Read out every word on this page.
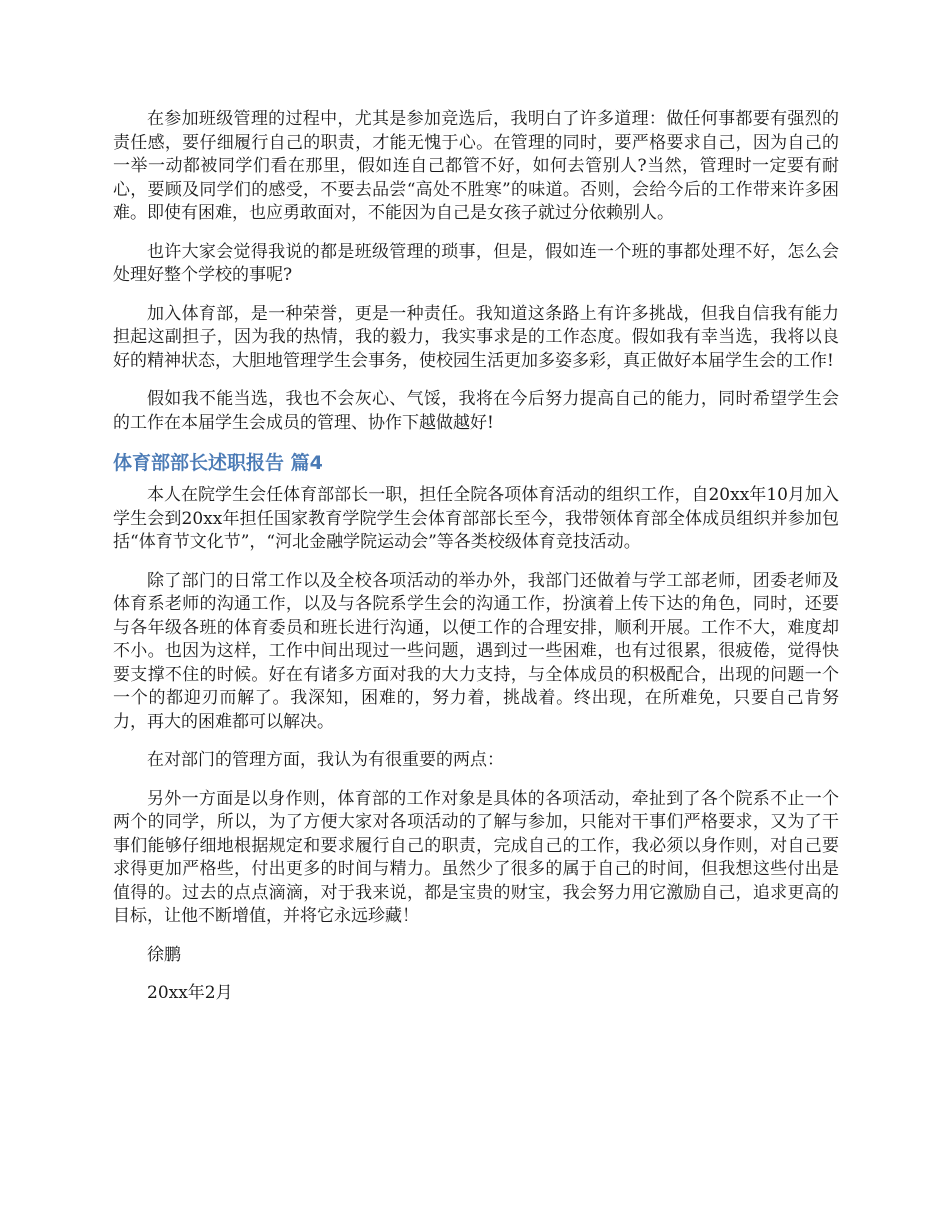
在参加班级管理的过程中，尤其是参加竞选后，我明白了许多道理：做任何事都要有强烈的责任感，要仔细履行自己的职责，才能无愧于心。在管理的同时，要严格要求自己，因为自己的一举一动都被同学们看在那里，假如连自己都管不好，如何去管别人?当然，管理时一定要有耐心，要顾及同学们的感受，不要去品尝“高处不胜寒”的味道。否则，会给今后的工作带来许多困难。即使有困难，也应勇敢面对，不能因为自己是女孩子就过分依赖别人。

也许大家会觉得我说的都是班级管理的琐事，但是，假如连一个班的事都处理不好，怎么会处理好整个学校的事呢?

加入体育部，是一种荣誉，更是一种责任。我知道这条路上有许多挑战，但我自信我有能力担起这副担子，因为我的热情，我的毅力，我实事求是的工作态度。假如我有幸当选，我将以良好的精神状态，大胆地管理学生会事务，使校园生活更加多姿多彩，真正做好本届学生会的工作!

假如我不能当选，我也不会灰心、气馁，我将在今后努力提高自己的能力，同时希望学生会的工作在本届学生会成员的管理、协作下越做越好!

体育部部长述职报告 篇4

本人在院学生会任体育部部长一职，担任全院各项体育活动的组织工作，自20xx年10月加入学生会到20xx年担任国家教育学院学生会体育部部长至今，我带领体育部全体成员组织并参加包括“体育节文化节”，“河北金融学院运动会”等各类校级体育竞技活动。

除了部门的日常工作以及全校各项活动的举办外，我部门还做着与学工部老师，团委老师及体育系老师的沟通工作，以及与各院系学生会的沟通工作，扮演着上传下达的角色，同时，还要与各年级各班的体育委员和班长进行沟通，以便工作的合理安排，顺利开展。工作不大，难度却不小。也因为这样，工作中间出现过一些问题，遇到过一些困难，也有过很累，很疲倦，觉得快要支撑不住的时候。好在有诸多方面对我的大力支持，与全体成员的积极配合，出现的问题一个一个的都迎刃而解了。我深知，困难的，努力着，挑战着。终出现，在所难免，只要自己肯努力，再大的困难都可以解决。

在对部门的管理方面，我认为有很重要的两点：

另外一方面是以身作则，体育部的工作对象是具体的各项活动，牵扯到了各个院系不止一个两个的同学，所以，为了方便大家对各项活动的了解与参加，只能对干事们严格要求，又为了干事们能够仔细地根据规定和要求履行自己的职责，完成自己的工作，我必须以身作则，对自己要求得更加严格些，付出更多的时间与精力。虽然少了很多的属于自己的时间，但我想这些付出是值得的。过去的点点滴滴，对于我来说，都是宝贵的财宝，我会努力用它激励自己，追求更高的目标，让他不断增值，并将它永远珍藏！

徐鹏

20xx年2月
